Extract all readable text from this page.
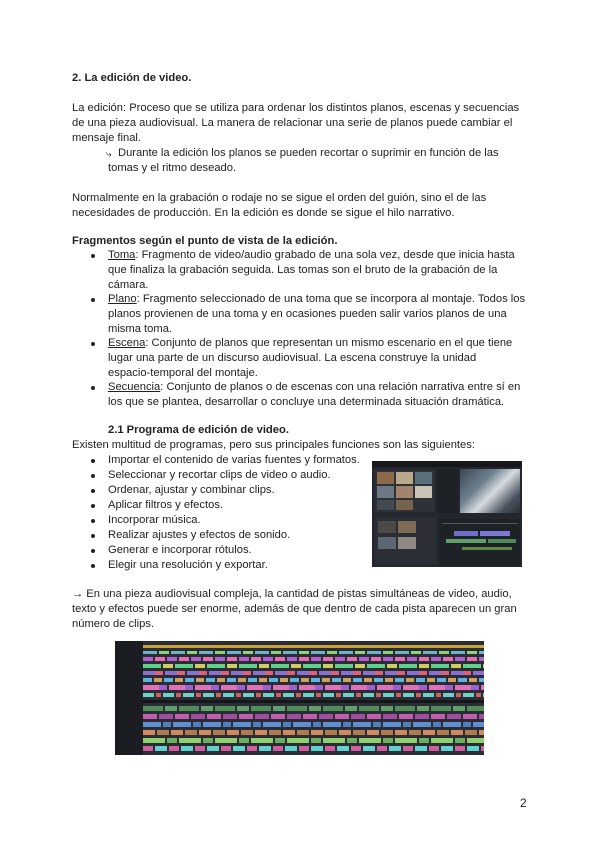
2. La edición de video.
La edición: Proceso que se utiliza para ordenar los distintos planos, escenas y secuencias
de una pieza audiovisual. La manera de relacionar una serie de planos puede cambiar el
mensaje final.
⤷ Durante la edición los planos se pueden recortar o suprimir en función de las
tomas y el ritmo deseado.
Normalmente en la grabación o rodaje no se sigue el orden del guión, sino el de las
necesidades de producción. En la edición es donde se sigue el hilo narrativo.
Fragmentos según el punto de vista de la edición.
Toma: Fragmento de video/audio grabado de una sola vez, desde que inicia hasta
que finaliza la grabación seguida. Las tomas son el bruto de la grabación de la
cámara.
Plano: Fragmento seleccionado de una toma que se incorpora al montaje. Todos los
planos provienen de una toma y en ocasiones pueden salir varios planos de una
misma toma.
Escena: Conjunto de planos que representan un mismo escenario en el que tiene
lugar una parte de un discurso audiovisual. La escena construye la unidad
espacio-temporal del montaje.
Secuencia: Conjunto de planos o de escenas con una relación narrativa entre sí en
los que se plantea, desarrollar o concluye una determinada situación dramática.
2.1 Programa de edición de video.
Existen multitud de programas, pero sus principales funciones son las siguientes:
Importar el contenido de varias fuentes y formatos.
Seleccionar y recortar clips de video o audio.
Ordenar, ajustar y combinar clips.
Aplicar filtros y efectos.
Incorporar música.
Realizar ajustes y efectos de sonido.
Generar e incorporar rótulos.
Elegir una resolución y exportar.
→ En una pieza audiovisual compleja, la cantidad de pistas simultáneas de video, audio,
texto y efectos puede ser enorme, además de que dentro de cada pista aparecen un gran
número de clips.
2
